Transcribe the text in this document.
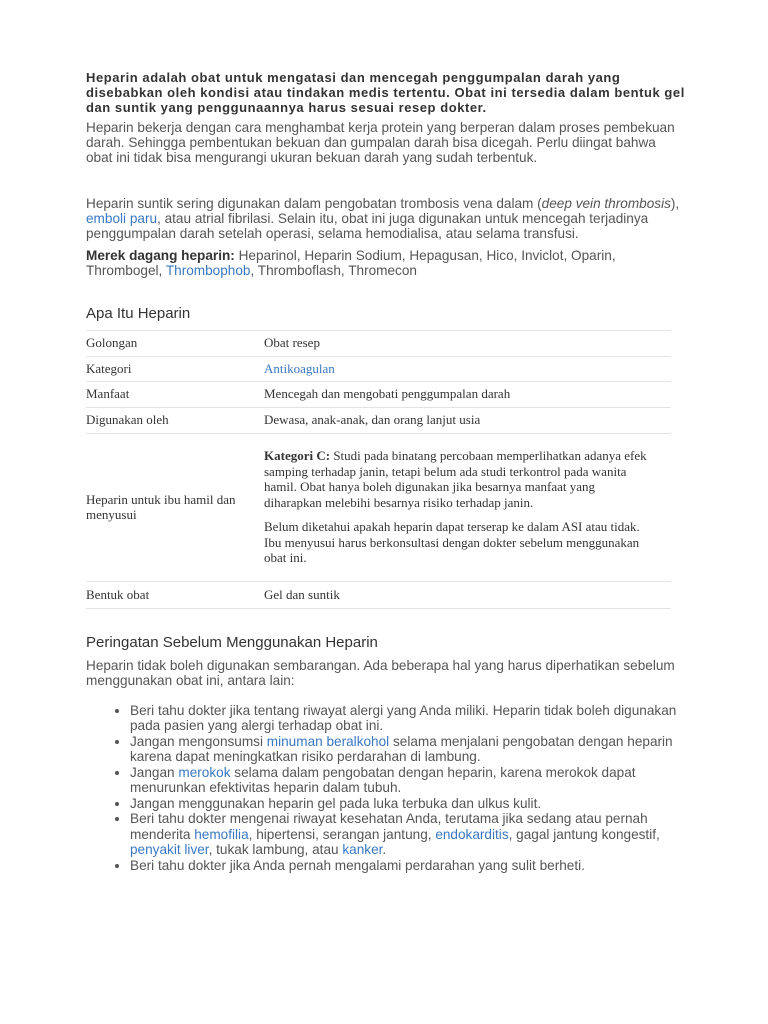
Heparin adalah obat untuk mengatasi dan mencegah penggumpalan darah yang disebabkan oleh kondisi atau tindakan medis tertentu. Obat ini tersedia dalam bentuk gel dan suntik yang penggunaannya harus sesuai resep dokter.

Heparin bekerja dengan cara menghambat kerja protein yang berperan dalam proses pembekuan darah. Sehingga pembentukan bekuan dan gumpalan darah bisa dicegah. Perlu diingat bahwa obat ini tidak bisa mengurangi ukuran bekuan darah yang sudah terbentuk.

Heparin suntik sering digunakan dalam pengobatan trombosis vena dalam (deep vein thrombosis), emboli paru, atau atrial fibrilasi. Selain itu, obat ini juga digunakan untuk mencegah terjadinya penggumpalan darah setelah operasi, selama hemodialisa, atau selama transfusi.

Merek dagang heparin: Heparinol, Heparin Sodium, Hepagusan, Hico, Inviclot, Oparin, Thrombogel, Thrombophob, Thromboflash, Thromecon

Apa Itu Heparin
Golongan	Obat resep
Kategori	Antikoagulan
Manfaat	Mencegah dan mengobati penggumpalan darah
Digunakan oleh	Dewasa, anak-anak, dan orang lanjut usia

Heparin untuk ibu hamil dan menyusui	Kategori C: Studi pada binatang percobaan memperlihatkan adanya efek samping terhadap janin, tetapi belum ada studi terkontrol pada wanita hamil. Obat hanya boleh digunakan jika besarnya manfaat yang diharapkan melebihi besarnya risiko terhadap janin.

Belum diketahui apakah heparin dapat terserap ke dalam ASI atau tidak. Ibu menyusui harus berkonsultasi dengan dokter sebelum menggunakan obat ini.

Bentuk obat	Gel dan suntik
Peringatan Sebelum Menggunakan Heparin

Heparin tidak boleh digunakan sembarangan. Ada beberapa hal yang harus diperhatikan sebelum menggunakan obat ini, antara lain:

• Beri tahu dokter jika tentang riwayat alergi yang Anda miliki. Heparin tidak boleh digunakan pada pasien yang alergi terhadap obat ini.
• Jangan mengonsumsi minuman beralkohol selama menjalani pengobatan dengan heparin karena dapat meningkatkan risiko perdarahan di lambung.
• Jangan merokok selama dalam pengobatan dengan heparin, karena merokok dapat menurunkan efektivitas heparin dalam tubuh.
• Jangan menggunakan heparin gel pada luka terbuka dan ulkus kulit.
• Beri tahu dokter mengenai riwayat kesehatan Anda, terutama jika sedang atau pernah menderita hemofilia, hipertensi, serangan jantung, endokarditis, gagal jantung kongestif, penyakit liver, tukak lambung, atau kanker.
• Beri tahu dokter jika Anda pernah mengalami perdarahan yang sulit berheti.
